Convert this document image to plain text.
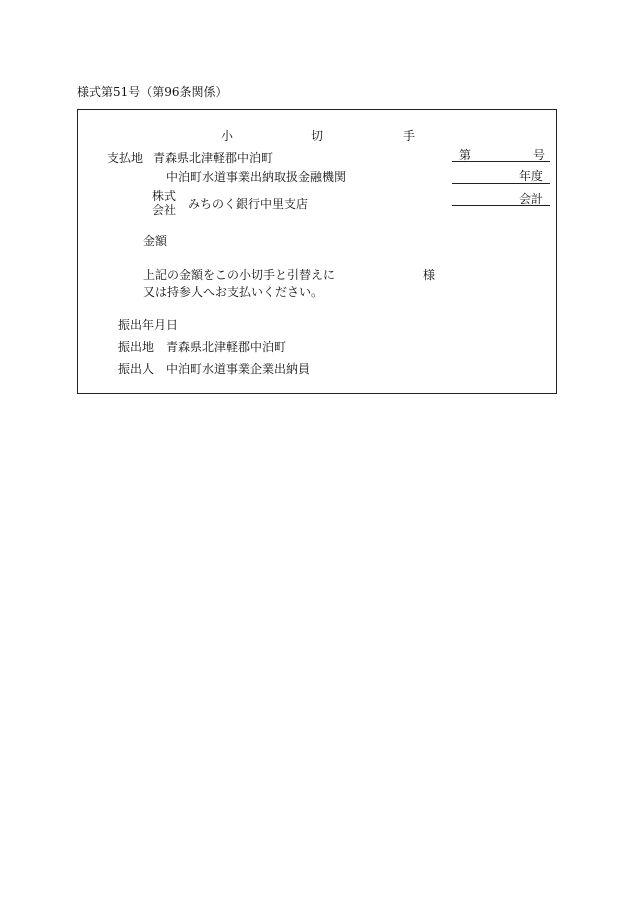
様式第51号（第96条関係）
小	切	手
支払地 青森県北津軽郡中泊町
中泊町水道事業出納取扱金融機関
株式
会社 みちのく銀行中里支店
第	号
年度
会計
金額
上記の金額をこの小切手と引替えに	様
又は持参人へお支払いください。
振出年月日
振出地 青森県北津軽郡中泊町
振出人 中泊町水道事業企業出納員
